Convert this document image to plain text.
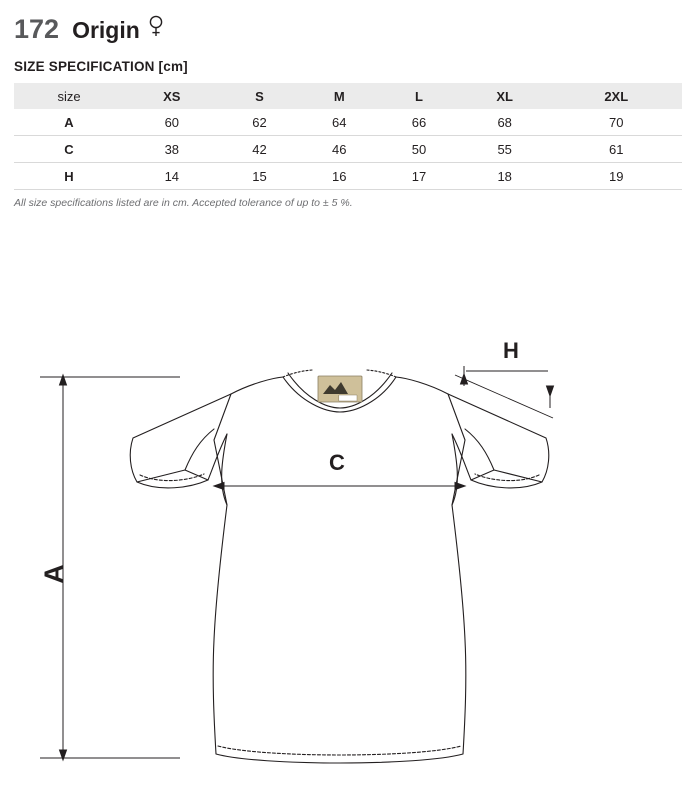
172 Origin
SIZE SPECIFICATION [cm]
size	XS	S	M	L	XL	2XL
A	60	62	64	66	68	70
C	38	42	46	50	55	61
H	14	15	16	17	18	19
All size specifications listed are in cm. Accepted tolerance of up to ± 5 %.
A
C
H
